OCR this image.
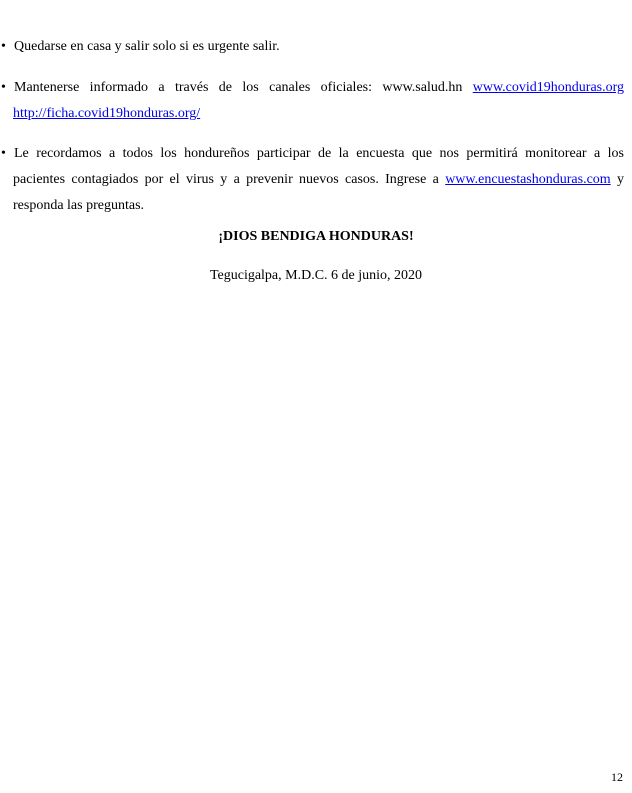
• Quedarse en casa y salir solo si es urgente salir.
• Mantenerse informado a través de los canales oficiales: www.salud.hn www.covid19honduras.org
http://ficha.covid19honduras.org/
• Le recordamos a todos los hondureños participar de la encuesta que nos permitirá monitorear a los
pacientes contagiados por el virus y a prevenir nuevos casos. Ingrese a www.encuestashonduras.com y
responda las preguntas.
¡DIOS BENDIGA HONDURAS!
Tegucigalpa, M.D.C. 6 de junio, 2020
12
